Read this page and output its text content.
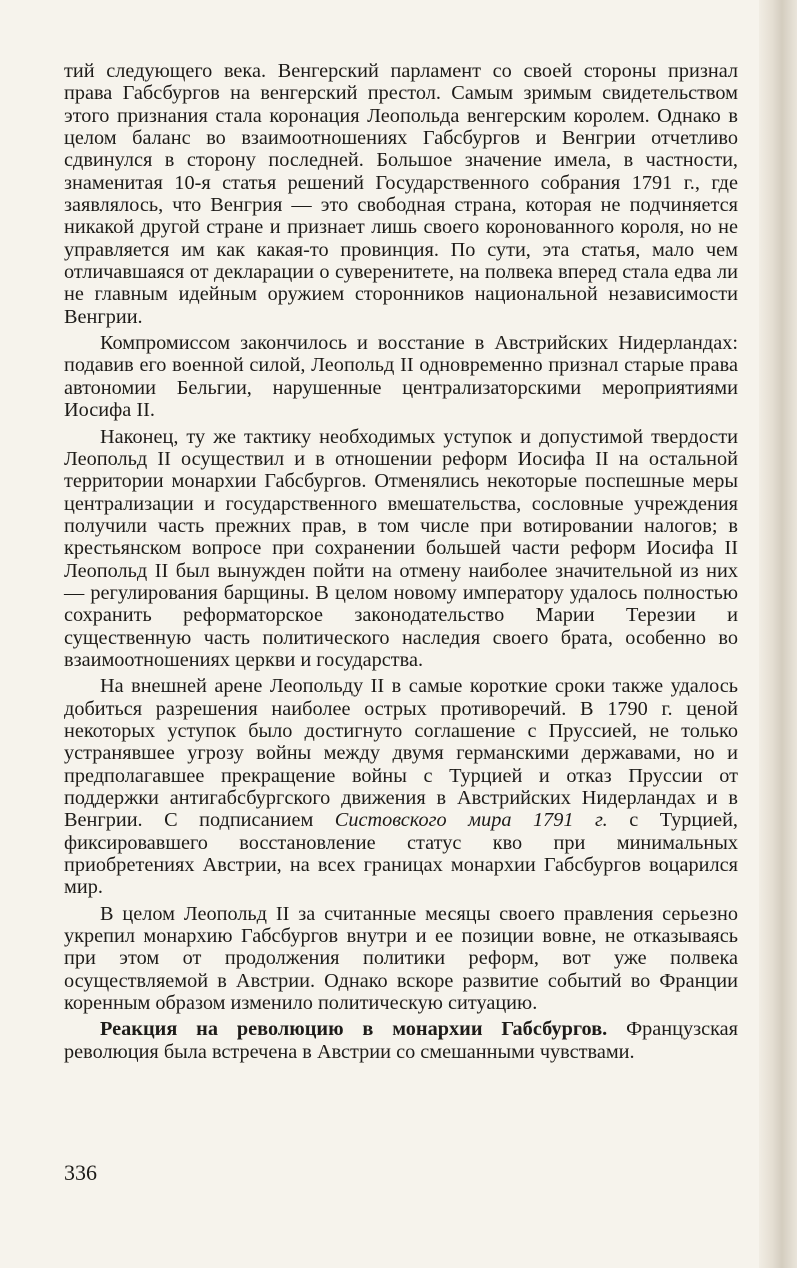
тий следующего века. Венгерский парламент со своей стороны признал права Габсбургов на венгерский престол. Самым зримым свидетельством этого признания стала коронация Леопольда венгерским королем. Однако в целом баланс во взаимоотношениях Габсбургов и Венгрии отчетливо сдвинулся в сторону последней. Большое значение имела, в частности, знаменитая 10-я статья решений Государственного собрания 1791 г., где заявлялось, что Венгрия — это свободная страна, которая не подчиняется никакой другой стране и признает лишь своего коронованного короля, но не управляется им как какая-то провинция. По сути, эта статья, мало чем отличавшаяся от декларации о суверенитете, на полвека вперед стала едва ли не главным идейным оружием сторонников национальной независимости Венгрии.

Компромиссом закончилось и восстание в Австрийских Нидерландах: подавив его военной силой, Леопольд II одновременно признал старые права автономии Бельгии, нарушенные централизаторскими мероприятиями Иосифа II.

Наконец, ту же тактику необходимых уступок и допустимой твердости Леопольд II осуществил и в отношении реформ Иосифа II на остальной территории монархии Габсбургов. Отменялись некоторые поспешные меры централизации и государственного вмешательства, сословные учреждения получили часть прежних прав, в том числе при вотировании налогов; в крестьянском вопросе при сохранении большей части реформ Иосифа II Леопольд II был вынужден пойти на отмену наиболее значительной из них — регулирования барщины. В целом новому императору удалось полностью сохранить реформаторское законодательство Марии Терезии и существенную часть политического наследия своего брата, особенно во взаимоотношениях церкви и государства.

На внешней арене Леопольду II в самые короткие сроки также удалось добиться разрешения наиболее острых противоречий. В 1790 г. ценой некоторых уступок было достигнуто соглашение с Пруссией, не только устранявшее угрозу войны между двумя германскими державами, но и предполагавшее прекращение войны с Турцией и отказ Пруссии от поддержки антигабсбургского движения в Австрийских Нидерландах и в Венгрии. С подписанием Систовского мира 1791 г. с Турцией, фиксировавшего восстановление статус кво при минимальных приобретениях Австрии, на всех границах монархии Габсбургов воцарился мир.

В целом Леопольд II за считанные месяцы своего правления серьезно укрепил монархию Габсбургов внутри и ее позиции вовне, не отказываясь при этом от продолжения политики реформ, вот уже полвека осуществляемой в Австрии. Однако вскоре развитие событий во Франции коренным образом изменило политическую ситуацию.

Реакция на революцию в монархии Габсбургов. Французская революция была встречена в Австрии со смешанными чувствами.

336
